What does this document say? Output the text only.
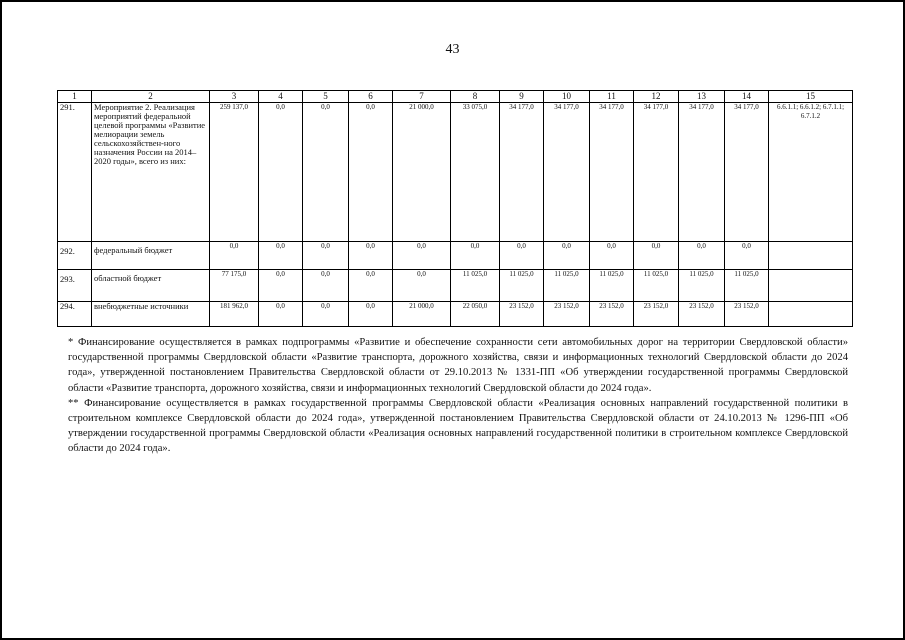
43
1	2	3	4	5	6	7	8	9	10	11	12	13	14	15
291.	Мероприятие 2. Реализация мероприятий федеральной целевой программы «Развитие мелиорации земель сельскохозяйствен-ного назначения России на 2014–2020 годы», всего из них:	259 137,0	0,0	0,0	0,0	21 000,0	33 075,0	34 177,0	34 177,0	34 177,0	34 177,0	34 177,0	34 177,0	6.6.1.1; 6.6.1.2; 6.7.1.1; 6.7.1.2
292.	федеральный бюджет	0,0	0,0	0,0	0,0	0,0	0,0	0,0	0,0	0,0	0,0	0,0	0,0	
293.	областной бюджет	77 175,0	0,0	0,0	0,0	0,0	11 025,0	11 025,0	11 025,0	11 025,0	11 025,0	11 025,0	11 025,0	
294.	внебюджетные источники	181 962,0	0,0	0,0	0,0	21 000,0	22 050,0	23 152,0	23 152,0	23 152,0	23 152,0	23 152,0	23 152,0	

* Финансирование осуществляется в рамках подпрограммы «Развитие и обеспечение сохранности сети автомобильных дорог на территории Свердловской области» государственной программы Свердловской области «Развитие транспорта, дорожного хозяйства, связи и информационных технологий Свердловской области до 2024 года», утвержденной постановлением Правительства Свердловской области от 29.10.2013 № 1331-ПП «Об утверждении государственной программы Свердловской области «Развитие транспорта, дорожного хозяйства, связи и информационных технологий Свердловской области до 2024 года».

** Финансирование осуществляется в рамках государственной программы Свердловской области «Реализация основных направлений государственной политики в строительном комплексе Свердловской области до 2024 года», утвержденной постановлением Правительства Свердловской области от 24.10.2013 № 1296-ПП «Об утверждении государственной программы Свердловской области «Реализация основных направлений государственной политики в строительном комплексе Свердловской области до 2024 года».
